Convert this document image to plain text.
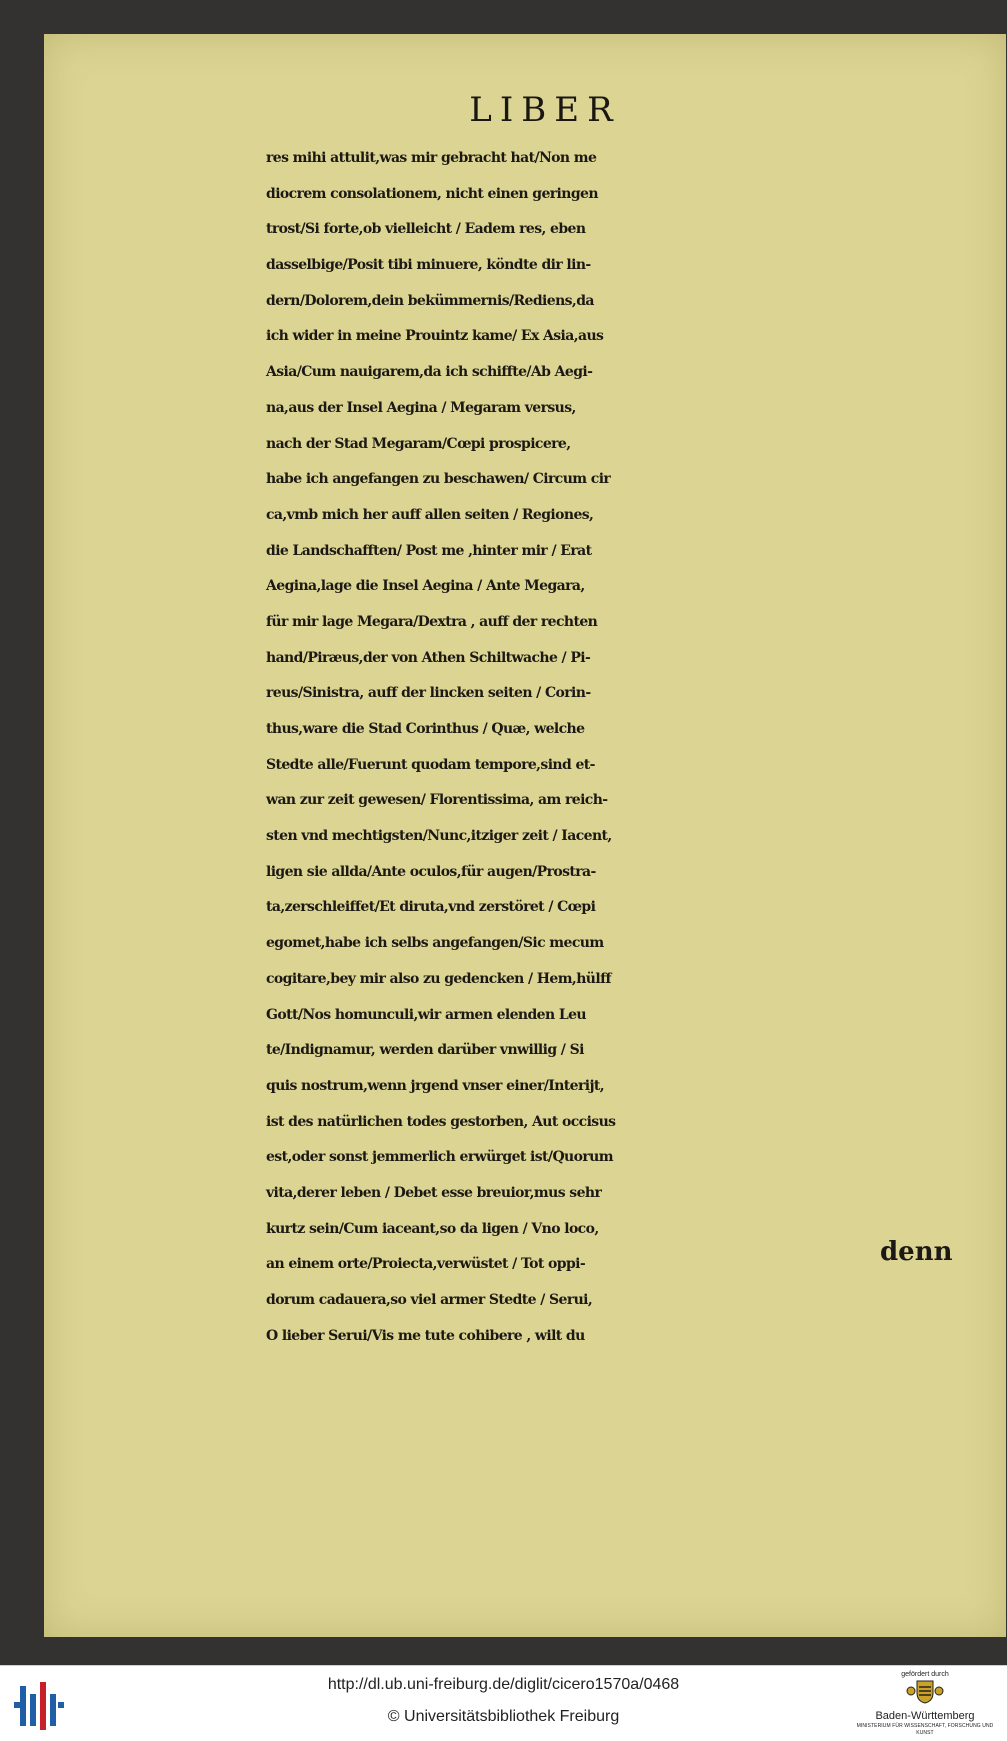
LIBER
res mihi attulit,was mir gebracht hat/Non me
diocrem consolationem, nicht einen geringen
trost/Si forte,ob vielleicht / Eadem res, eben
dasselbige/Posit tibi minuere, köndte dir lin-
dern/Dolorem,dein bekümmernis/Rediens,da
ich wider in meine Prouintz kame/ Ex Asia,aus
Asia/Cum nauigarem,da ich schiffte/Ab Aegi-
na,aus der Insel Aegina / Megaram versus,
nach der Stad Megaram/Cœpi prospicere,
habe ich angefangen zu beschawen/ Circum cir
ca,vmb mich her auff allen seiten / Regiones,
die Landschafften/ Post me ,hinter mir / Erat
Aegina,lage die Insel Aegina / Ante Megara,
für mir lage Megara/Dextra , auff der rechten
hand/Piræus,der von Athen Schiltwache / Pi-
reus/Sinistra, auff der lincken seiten / Corin-
thus,ware die Stad Corinthus / Quæ, welche
Stedte alle/Fuerunt quodam tempore,sind et-
wan zur zeit gewesen/ Florentissima, am reich-
sten vnd mechtigsten/Nunc,itziger zeit / Iacent,
ligen sie allda/Ante oculos,für augen/Prostra-
ta,zerschleiffet/Et diruta,vnd zerstöret / Cœpi
egomet,habe ich selbs angefangen/Sic mecum
cogitare,bey mir also zu gedencken / Hem,hülff
Gott/Nos homunculi,wir armen elenden Leu
te/Indignamur, werden darüber vnwillig / Si
quis nostrum,wenn jrgend vnser einer/Interijt,
ist des natürlichen todes gestorben, Aut occisus
est,oder sonst jemmerlich erwürget ist/Quorum
vita,derer leben / Debet esse breuior,mus sehr
kurtz sein/Cum iaceant,so da ligen / Vno loco,
an einem orte/Proiecta,verwüstet / Tot oppi-
dorum cadauera,so viel armer Stedte / Serui,
O lieber Serui/Vis me tute cohibere , wilt du
denn
http://dl.ub.uni-freiburg.de/diglit/cicero1570a/0468
© Universitätsbibliothek Freiburg
gefördert durch
Baden-Württemberg
MINISTERIUM FÜR WISSENSCHAFT, FORSCHUNG UND KUNST
